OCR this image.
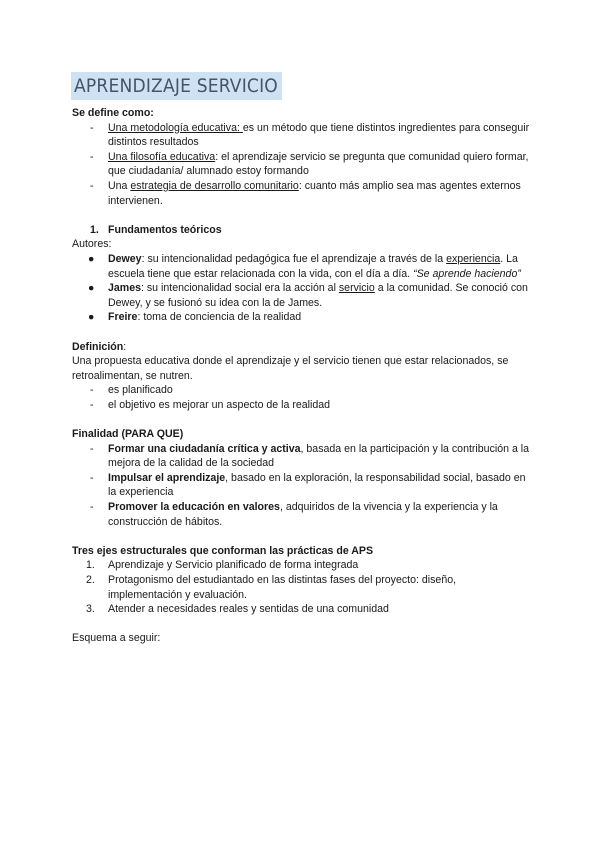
APRENDIZAJE SERVICIO

Se define como:

- Una metodología educativa: es un método que tiene distintos ingredientes para conseguir distintos resultados
- Una filosofía educativa: el aprendizaje servicio se pregunta que comunidad quiero formar, que ciudadanía/ alumnado estoy formando
- Una estrategia de desarrollo comunitario: cuanto más amplio sea mas agentes externos intervienen.

1. Fundamentos teóricos

Autores:

● Dewey: su intencionalidad pedagógica fue el aprendizaje a través de la experiencia. La escuela tiene que estar relacionada con la vida, con el día a día. “Se aprende haciendo”
● James: su intencionalidad social era la acción al servicio a la comunidad. Se conoció con Dewey, y se fusionó su idea con la de James.
● Freire: toma de conciencia de la realidad

Definición:

Una propuesta educativa donde el aprendizaje y el servicio tienen que estar relacionados, se retroalimentan, se nutren.

- es planificado
- el objetivo es mejorar un aspecto de la realidad

Finalidad (PARA QUE)

- Formar una ciudadanía crítica y activa, basada en la participación y la contribución a la mejora de la calidad de la sociedad
- Impulsar el aprendizaje, basado en la exploración, la responsabilidad social, basado en la experiencia
- Promover la educación en valores, adquiridos de la vivencia y la experiencia y la construcción de hábitos.

Tres ejes estructurales que conforman las prácticas de APS

1. Aprendizaje y Servicio planificado de forma integrada
2. Protagonismo del estudiantado en las distintas fases del proyecto: diseño, implementación y evaluación.
3. Atender a necesidades reales y sentidas de una comunidad

Esquema a seguir:
